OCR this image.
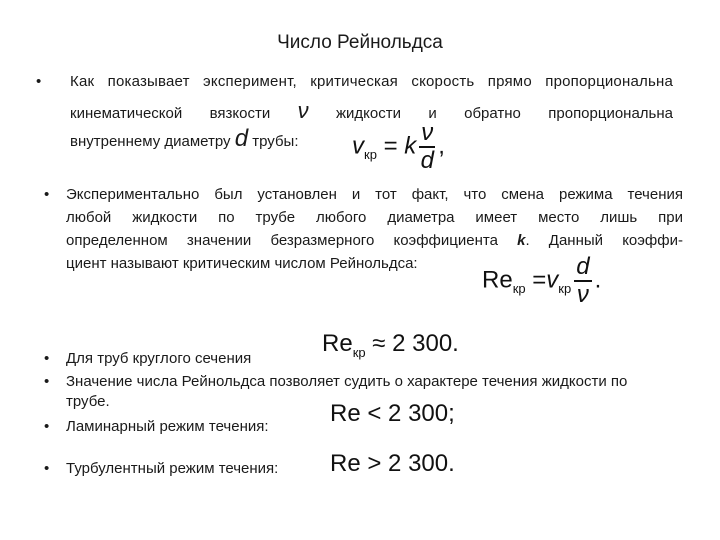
Число Рейнольдса
• Как показывает эксперимент, критическая скорость прямо пропорциональна
кинематической вязкости ν жидкости и обратно пропорциональна
внутреннему диаметру d трубы:	$v_{кр} = k \frac{\nu}{d}$ ,
• Экспериментально был установлен и тот факт, что смена режима течения
любой жидкости по трубе любого диаметра имеет место лишь при
определенном значении безразмерного коэффициента k. Данный коэффи-
циент называют критическим числом Рейнольдса:
$Re_{кр} =v_{кр} \frac{d}{\nu}$ .
• Для труб круглого сечения
$Re_{кр} \approx 2$ 300.
• Значение числа Рейнольдса позволяет судить о характере течения жидкости по
трубе.
• Ламинарный режим течения:	Re < 2 300;
• Турбулентный режим течения: Re > 2 300.
